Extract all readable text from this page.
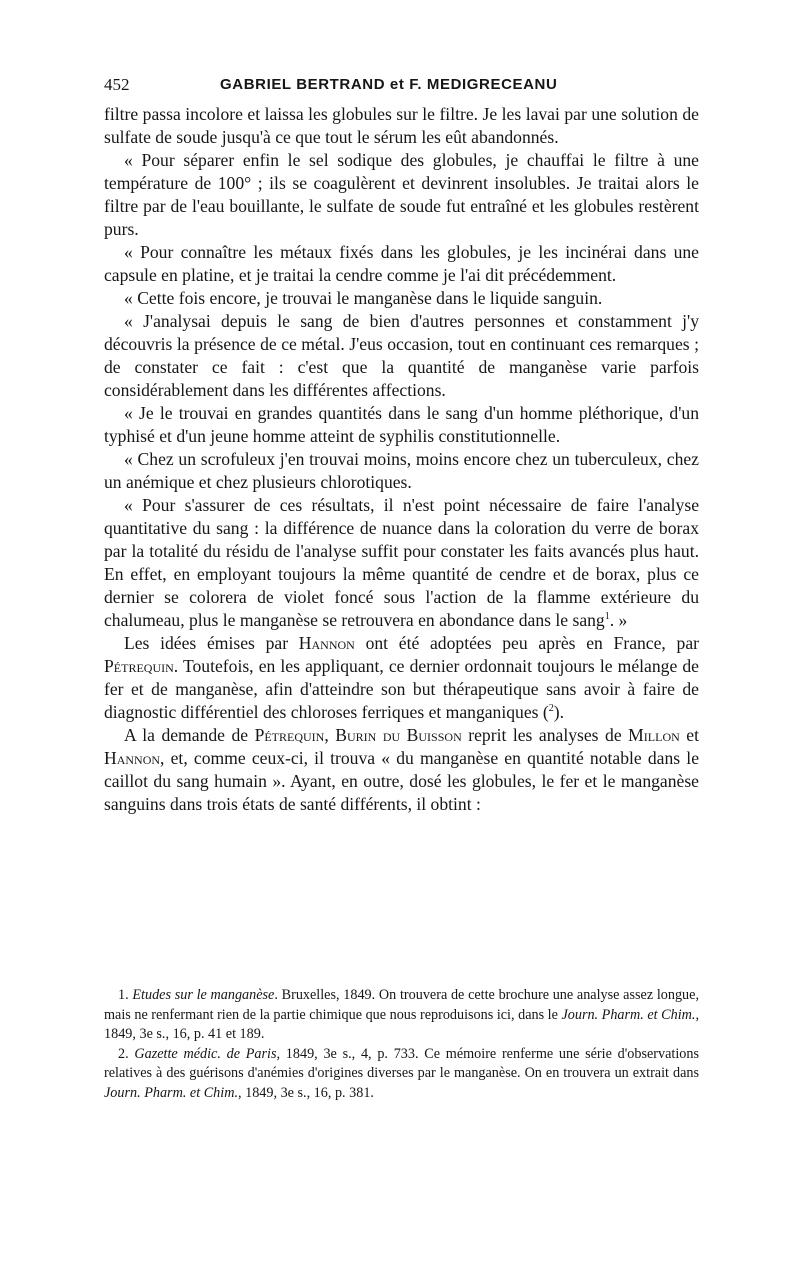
452	GABRIEL BERTRAND et F. MEDIGRECEANU

filtre passa incolore et laissa les globules sur le filtre. Je les lavai par une solution de sulfate de soude jusqu'à ce que tout le sérum les eût abandonnés.

« Pour séparer enfin le sel sodique des globules, je chauffai le filtre à une température de 100° ; ils se coagulèrent et devinrent insolubles. Je traitai alors le filtre par de l'eau bouillante, le sulfate de soude fut entraîné et les globules restèrent purs.

« Pour connaître les métaux fixés dans les globules, je les incinérai dans une capsule en platine, et je traitai la cendre comme je l'ai dit précédemment.

« Cette fois encore, je trouvai le manganèse dans le liquide sanguin.

« J'analysai depuis le sang de bien d'autres personnes et constamment j'y découvris la présence de ce métal. J'eus occasion, tout en continuant ces remarques ; de constater ce fait : c'est que la quantité de manganèse varie parfois considérablement dans les différentes affections.

« Je le trouvai en grandes quantités dans le sang d'un homme pléthorique, d'un typhisé et d'un jeune homme atteint de syphilis constitutionnelle.

« Chez un scrofuleux j'en trouvai moins, moins encore chez un tuberculeux, chez un anémique et chez plusieurs chlorotiques.

« Pour s'assurer de ces résultats, il n'est point nécessaire de faire l'analyse quantitative du sang : la différence de nuance dans la coloration du verre de borax par la totalité du résidu de l'analyse suffit pour constater les faits avancés plus haut. En effet, en employant toujours la même quantité de cendre et de borax, plus ce dernier se colorera de violet foncé sous l'action de la flamme extérieure du chalumeau, plus le manganèse se retrouvera en abondance dans le sang$^1$. »

Les idées émises par Hannon ont été adoptées peu après en France, par Pétrequin. Toutefois, en les appliquant, ce dernier ordonnait toujours le mélange de fer et de manganèse, afin d'atteindre son but thérapeutique sans avoir à faire de diagnostic différentiel des chloroses ferriques et manganiques ($^2$).

A la demande de Pétrequin, Burin du Buisson reprit les analyses de Millon et Hannon, et, comme ceux-ci, il trouva « du manganèse en quantité notable dans le caillot du sang humain ». Ayant, en outre, dosé les globules, le fer et le manganèse sanguins dans trois états de santé différents, il obtint :

1. Etudes sur le manganèse. Bruxelles, 1849. On trouvera de cette brochure une analyse assez longue, mais ne renfermant rien de la partie chimique que nous reproduisons ici, dans le Journ. Pharm. et Chim., 1849, 3e s., 16, p. 41 et 189.

2. Gazette médic. de Paris, 1849, 3e s., 4, p. 733. Ce mémoire renferme une série d'observations relatives à des guérisons d'anémies d'origines diverses par le manganèse. On en trouvera un extrait dans Journ. Pharm. et Chim., 1849, 3e s., 16, p. 381.
